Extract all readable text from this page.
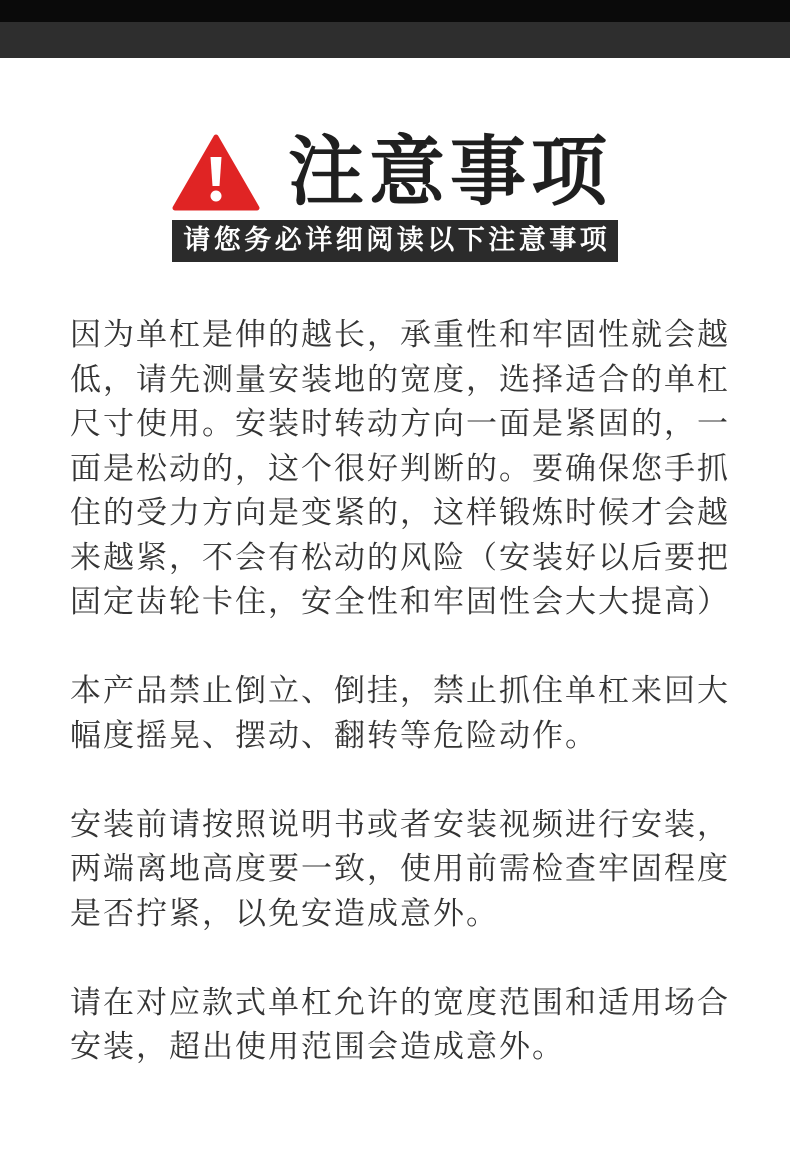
注意事项
请您务必详细阅读以下注意事项
因为单杠是伸的越长，承重性和牢固性就会越
低，请先测量安装地的宽度，选择适合的单杠
尺寸使用。安装时转动方向一面是紧固的，一
面是松动的，这个很好判断的。要确保您手抓
住的受力方向是变紧的，这样锻炼时候才会越
来越紧，不会有松动的风险（安装好以后要把
固定齿轮卡住，安全性和牢固性会大大提高）
本产品禁止倒立、倒挂，禁止抓住单杠来回大
幅度摇晃、摆动、翻转等危险动作。
安装前请按照说明书或者安装视频进行安装，
两端离地高度要一致，使用前需检查牢固程度
是否拧紧，以免安造成意外。
请在对应款式单杠允许的宽度范围和适用场合
安装，超出使用范围会造成意外。
